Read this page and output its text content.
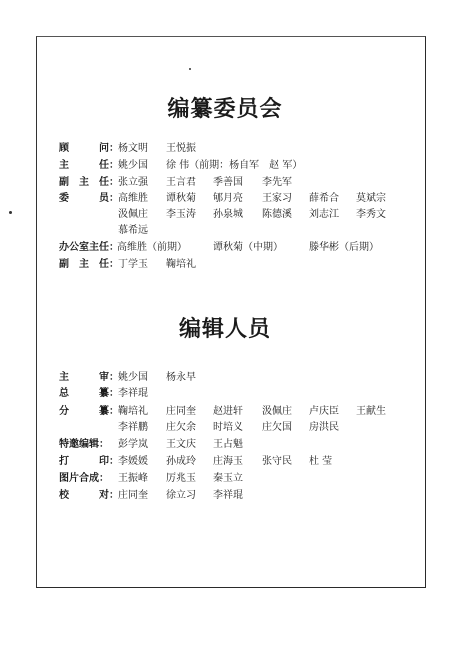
编纂委员会
顾	问 ： 杨文明 王悦振
主	任 ： 姚少国 徐 伟（前期：杨自军　赵 军）
副 主 任 ： 张立强 王言君 季善国 李先军
委	员 ： 高维胜 谭秋菊 郇月亮 王家习 薛希合 莫斌宗
汲佩庄 李玉涛 孙泉城 陈德溪 刘志江 李秀文
慕希远
办公室主任 ：
高维胜（前期）	谭秋菊（中期）	滕华彬（后期）
副 主 任 ： 丁学玉 鞠培礼
编辑人员
主	审 ： 姚少国 杨永早
总	纂 ： 李祥琨
分	纂 ： 鞠培礼 庄同奎 赵进轩 汲佩庄 卢庆臣 王献生
李祥鹏 庄欠余 时培义 庄欠国 房洪民
特邀编辑 ： 彭学岚 王文庆 王占魁
打	印 ： 李媛媛 孙成玲 庄海玉 张守民 杜 莹
图片合成 ： 王振峰 厉兆玉 秦玉立
校	对 ： 庄同奎 徐立习 李祥琨
